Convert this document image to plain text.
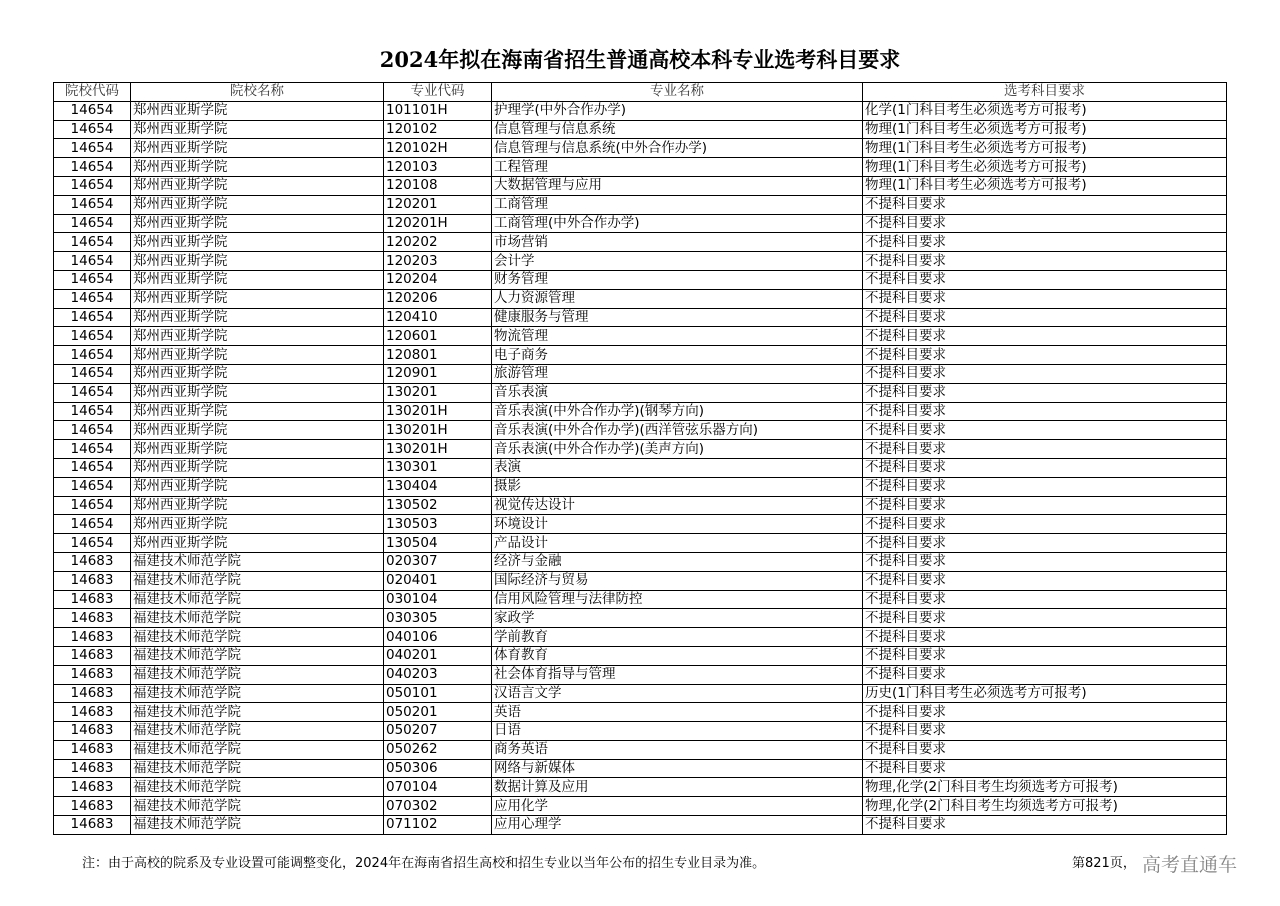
2024年拟在海南省招生普通高校本科专业选考科目要求
院校代码	院校名称	专业代码	专业名称	选考科目要求
14654	郑州西亚斯学院	101101H	护理学(中外合作办学)	化学(1门科目考生必须选考方可报考)
14654	郑州西亚斯学院	120102	信息管理与信息系统	物理(1门科目考生必须选考方可报考)
14654	郑州西亚斯学院	120102H	信息管理与信息系统(中外合作办学)	物理(1门科目考生必须选考方可报考)
14654	郑州西亚斯学院	120103	工程管理	物理(1门科目考生必须选考方可报考)
14654	郑州西亚斯学院	120108	大数据管理与应用	物理(1门科目考生必须选考方可报考)
14654	郑州西亚斯学院	120201	工商管理	不提科目要求
14654	郑州西亚斯学院	120201H	工商管理(中外合作办学)	不提科目要求
14654	郑州西亚斯学院	120202	市场营销	不提科目要求
14654	郑州西亚斯学院	120203	会计学	不提科目要求
14654	郑州西亚斯学院	120204	财务管理	不提科目要求
14654	郑州西亚斯学院	120206	人力资源管理	不提科目要求
14654	郑州西亚斯学院	120410	健康服务与管理	不提科目要求
14654	郑州西亚斯学院	120601	物流管理	不提科目要求
14654	郑州西亚斯学院	120801	电子商务	不提科目要求
14654	郑州西亚斯学院	120901	旅游管理	不提科目要求
14654	郑州西亚斯学院	130201	音乐表演	不提科目要求
14654	郑州西亚斯学院	130201H	音乐表演(中外合作办学)(钢琴方向)	不提科目要求
14654	郑州西亚斯学院	130201H	音乐表演(中外合作办学)(西洋管弦乐器方向)	不提科目要求
14654	郑州西亚斯学院	130201H	音乐表演(中外合作办学)(美声方向)	不提科目要求
14654	郑州西亚斯学院	130301	表演	不提科目要求
14654	郑州西亚斯学院	130404	摄影	不提科目要求
14654	郑州西亚斯学院	130502	视觉传达设计	不提科目要求
14654	郑州西亚斯学院	130503	环境设计	不提科目要求
14654	郑州西亚斯学院	130504	产品设计	不提科目要求
14683	福建技术师范学院	020307	经济与金融	不提科目要求
14683	福建技术师范学院	020401	国际经济与贸易	不提科目要求
14683	福建技术师范学院	030104	信用风险管理与法律防控	不提科目要求
14683	福建技术师范学院	030305	家政学	不提科目要求
14683	福建技术师范学院	040106	学前教育	不提科目要求
14683	福建技术师范学院	040201	体育教育	不提科目要求
14683	福建技术师范学院	040203	社会体育指导与管理	不提科目要求
14683	福建技术师范学院	050101	汉语言文学	历史(1门科目考生必须选考方可报考)
14683	福建技术师范学院	050201	英语	不提科目要求
14683	福建技术师范学院	050207	日语	不提科目要求
14683	福建技术师范学院	050262	商务英语	不提科目要求
14683	福建技术师范学院	050306	网络与新媒体	不提科目要求
14683	福建技术师范学院	070104	数据计算及应用	物理,化学(2门科目考生均须选考方可报考)
14683	福建技术师范学院	070302	应用化学	物理,化学(2门科目考生均须选考方可报考)
14683	福建技术师范学院	071102	应用心理学	不提科目要求
注：由于高校的院系及专业设置可能调整变化，2024年在海南省招生高校和招生专业以当年公布的招生专业目录为准。	第821页， 高考直通车
